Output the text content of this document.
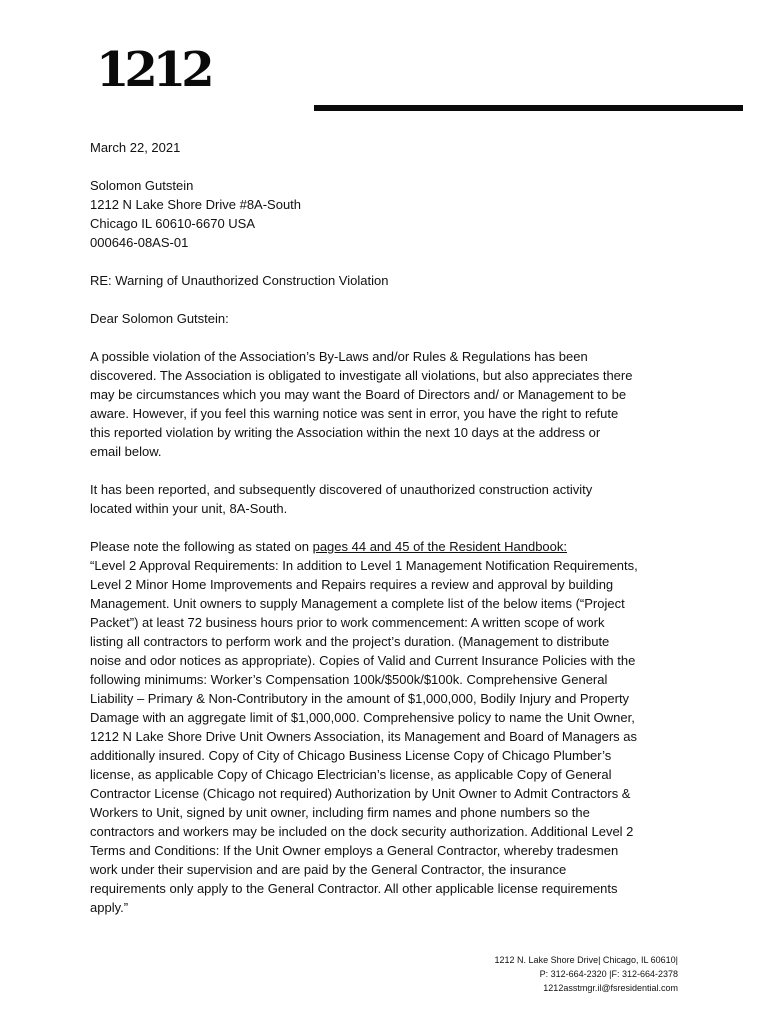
1212

March 22, 2021

Solomon Gutstein
1212 N Lake Shore Drive #8A-South
Chicago IL 60610-6670 USA
000646-08AS-01

RE: Warning of Unauthorized Construction Violation

Dear Solomon Gutstein:

A possible violation of the Association’s By-Laws and/or Rules & Regulations has been
discovered. The Association is obligated to investigate all violations, but also appreciates there
may be circumstances which you may want the Board of Directors and/ or Management to be
aware. However, if you feel this warning notice was sent in error, you have the right to refute
this reported violation by writing the Association within the next 10 days at the address or
email below.

It has been reported, and subsequently discovered of unauthorized construction activity
located within your unit, 8A-South.

Please note the following as stated on pages 44 and 45 of the Resident Handbook:
“Level 2 Approval Requirements: In addition to Level 1 Management Notification Requirements,
Level 2 Minor Home Improvements and Repairs requires a review and approval by building
Management. Unit owners to supply Management a complete list of the below items (“Project
Packet”) at least 72 business hours prior to work commencement: A written scope of work
listing all contractors to perform work and the project’s duration. (Management to distribute
noise and odor notices as appropriate). Copies of Valid and Current Insurance Policies with the
following minimums: Worker’s Compensation 100k/$500k/$100k. Comprehensive General
Liability – Primary & Non-Contributory in the amount of $1,000,000, Bodily Injury and Property
Damage with an aggregate limit of $1,000,000. Comprehensive policy to name the Unit Owner,
1212 N Lake Shore Drive Unit Owners Association, its Management and Board of Managers as
additionally insured. Copy of City of Chicago Business License Copy of Chicago Plumber’s
license, as applicable Copy of Chicago Electrician’s license, as applicable Copy of General
Contractor License (Chicago not required) Authorization by Unit Owner to Admit Contractors &
Workers to Unit, signed by unit owner, including firm names and phone numbers so the
contractors and workers may be included on the dock security authorization. Additional Level 2
Terms and Conditions: If the Unit Owner employs a General Contractor, whereby tradesmen
work under their supervision and are paid by the General Contractor, the insurance
requirements only apply to the General Contractor. All other applicable license requirements
apply.”

1212 N. Lake Shore Drive| Chicago, IL 60610|
P: 312-664-2320 |F: 312-664-2378
1212asstmgr.il@fsresidential.com
